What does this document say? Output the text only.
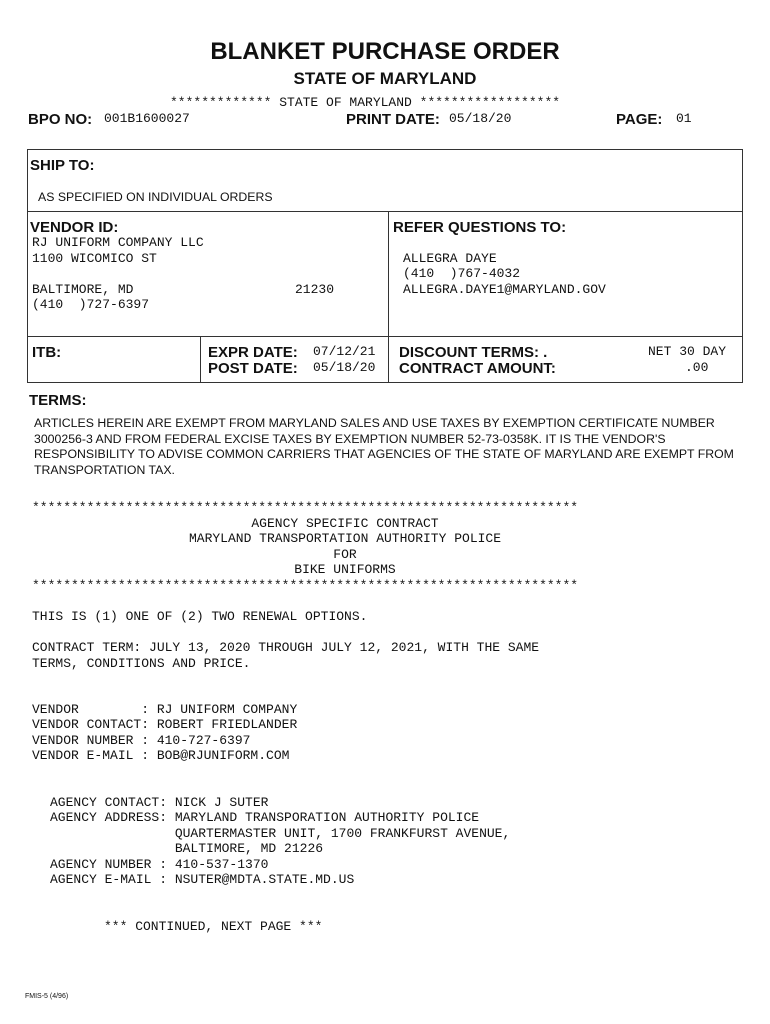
BLANKET PURCHASE ORDER
STATE OF MARYLAND
************* STATE OF MARYLAND ******************
BPO NO: 001B1600027	PRINT DATE: 05/18/20	PAGE: 01
SHIP TO:
AS SPECIFIED ON INDIVIDUAL ORDERS
VENDOR ID:
RJ UNIFORM COMPANY LLC
1100 WICOMICO ST
BALTIMORE, MD	21230
(410  )727-6397
REFER QUESTIONS TO:
ALLEGRA DAYE
(410  )767-4032
ALLEGRA.DAYE1@MARYLAND.GOV
ITB:	EXPR DATE: 07/12/21
POST DATE: 05/18/20
DISCOUNT TERMS: .	NET 30 DAY
CONTRACT AMOUNT:	.00
TERMS:
ARTICLES HEREIN ARE EXEMPT FROM MARYLAND SALES AND USE TAXES BY EXEMPTION CERTIFICATE NUMBER 3000256-3 AND FROM FEDERAL EXCISE TAXES BY EXEMPTION NUMBER 52-73-0358K. IT IS THE VENDOR'S RESPONSIBILITY TO ADVISE COMMON CARRIERS THAT AGENCIES OF THE STATE OF MARYLAND ARE EXEMPT FROM TRANSPORTATION TAX.
**********************************************************************
AGENCY SPECIFIC CONTRACT
MARYLAND TRANSPORTATION AUTHORITY POLICE
FOR
BIKE UNIFORMS
**********************************************************************
THIS IS (1) ONE OF (2) TWO RENEWAL OPTIONS.
CONTRACT TERM: JULY 13, 2020 THROUGH JULY 12, 2021, WITH THE SAME
TERMS, CONDITIONS AND PRICE.
VENDOR        : RJ UNIFORM COMPANY
VENDOR CONTACT: ROBERT FRIEDLANDER
VENDOR NUMBER : 410-727-6397
VENDOR E-MAIL : BOB@RJUNIFORM.COM
AGENCY CONTACT: NICK J SUTER
AGENCY ADDRESS: MARYLAND TRANSPORATION AUTHORITY POLICE
QUARTERMASTER UNIT, 1700 FRANKFURST AVENUE,
BALTIMORE, MD 21226
AGENCY NUMBER : 410-537-1370
AGENCY E-MAIL : NSUTER@MDTA.STATE.MD.US
*** CONTINUED, NEXT PAGE ***
FMIS-5 (4/96)
